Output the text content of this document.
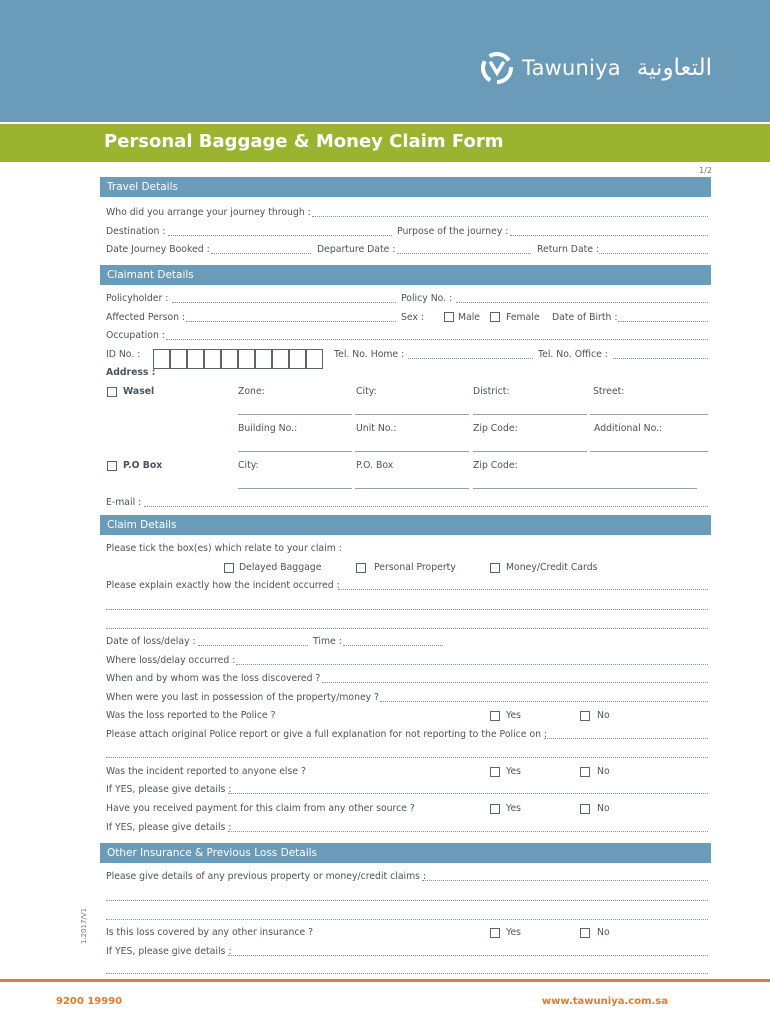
Tawuniya التعاونية
Personal Baggage & Money Claim Form
1/2
Travel Details
Who did you arrange your journey through :
Destination :	Purpose of the journey :
Date Journey Booked :	Departure Date :	Return Date :
Claimant Details
Policyholder :	Policy No. :
Affected Person :	Sex :	Male	Female Date of Birth :
Occupation :
ID No. :	Tel. No. Home :	Tel. No. Office :
Address :
Wasel	Zone:	City:	District:	Street:
Building No.:	Unit No.:	Zip Code:	Additional No.:
P.O Box	City:	P.O. Box	Zip Code:
E-mail :
Claim Details
Please tick the box(es) which relate to your claim :
Delayed Baggage	Personal Property	Money/Credit Cards
Please explain exactly how the incident occurred :
Date of loss/delay :	Time :
Where loss/delay occurred :
When and by whom was the loss discovered ?
When were you last in possession of the property/money ?
Was the loss reported to the Police ?	Yes	No
Please attach original Police report or give a full explanation for not reporting to the Police on :
Was the incident reported to anyone else ?	Yes	No
If YES, please give details :
Have you received payment for this claim from any other source ?	Yes	No
If YES, please give details :
Other Insurance & Previous Loss Details
Please give details of any previous property or money/credit claims :
Is this loss covered by any other insurance ?	Yes	No
If YES, please give details :
1.2017/V1
9200 19990	www.tawuniya.com.sa
